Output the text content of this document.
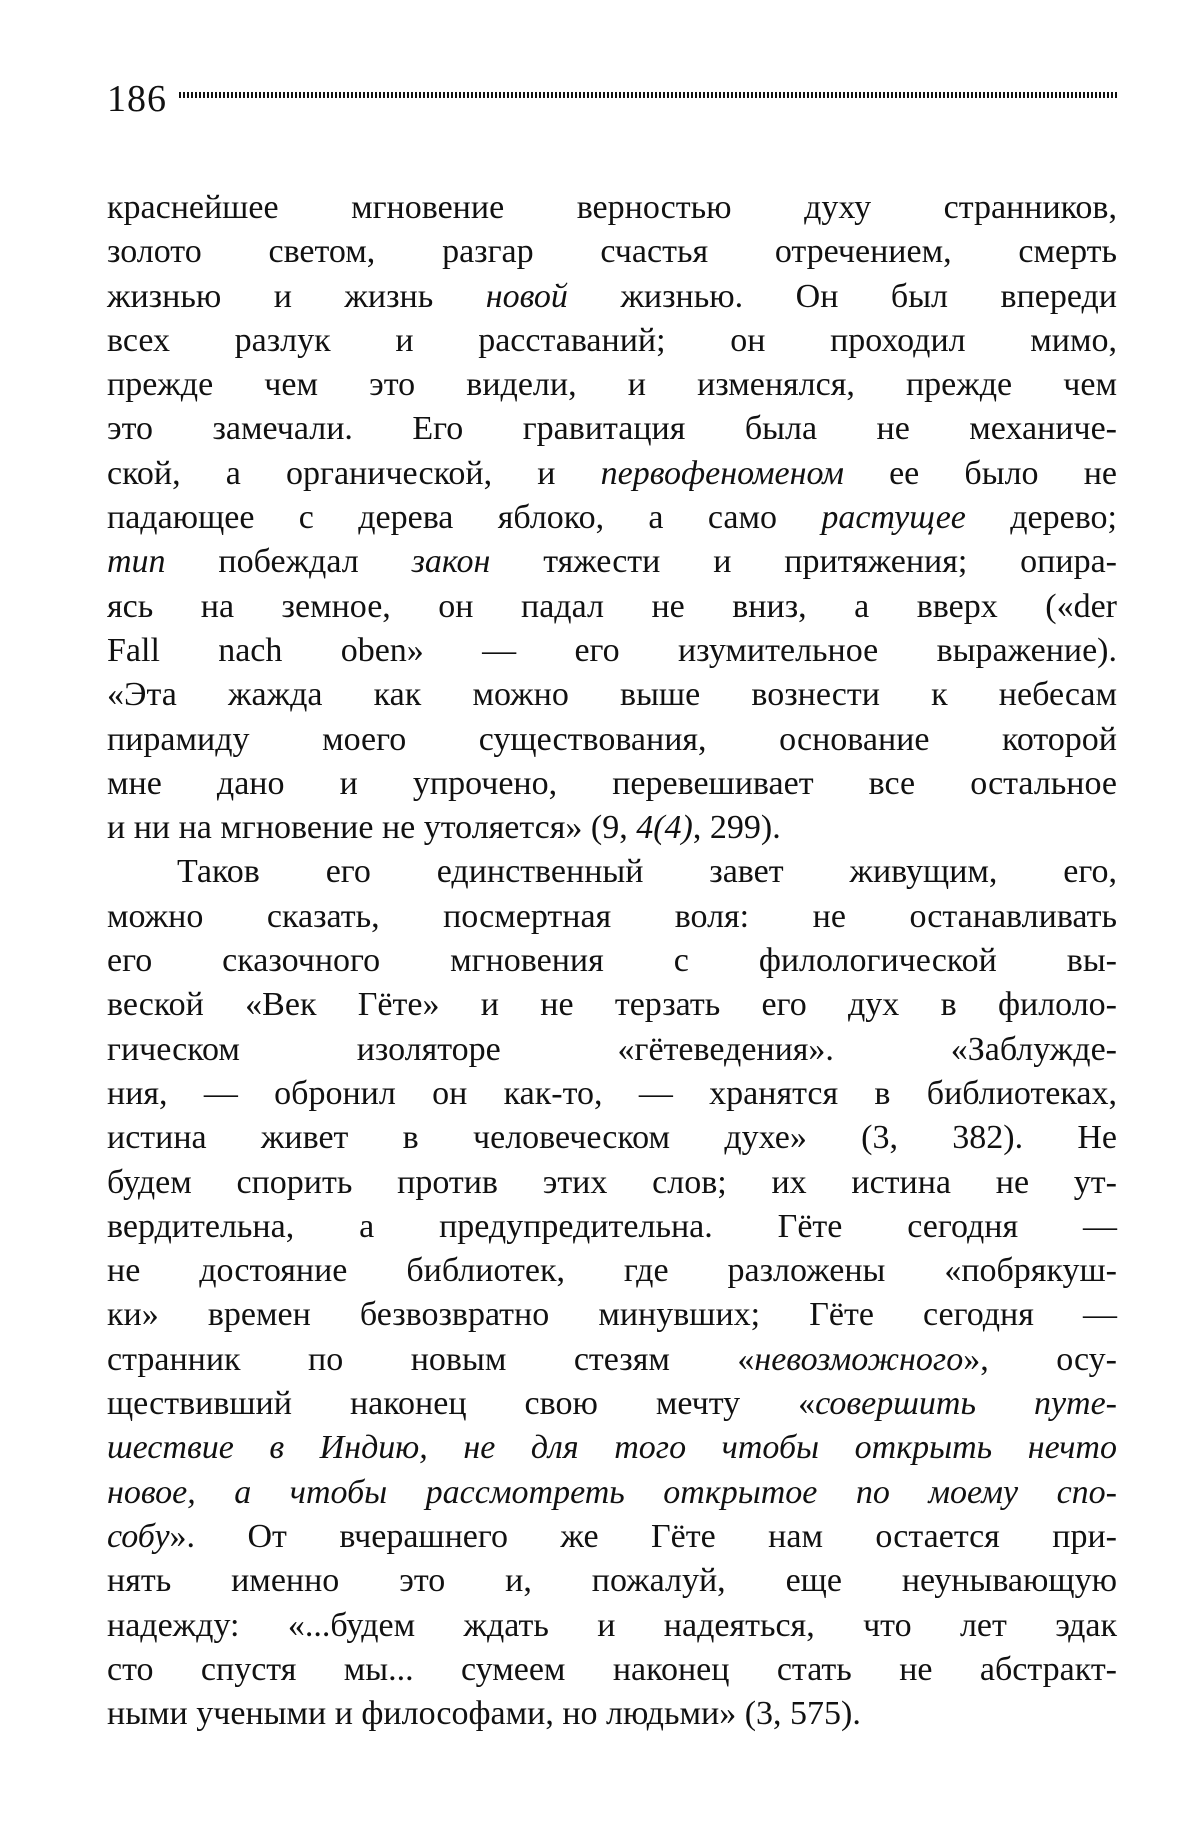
186
краснейшее мгновение верностью духу странников,
золото светом, разгар счастья отречением, смерть
жизнью и жизнь новой жизнью. Он был впереди
всех разлук и расставаний; он проходил мимо,
прежде чем это видели, и изменялся, прежде чем
это замечали. Его гравитация была не механиче-
ской, а органической, и первофеноменом ее было не
падающее с дерева яблоко, а само растущее дерево;
тип побеждал закон тяжести и притяжения; опира-
ясь на земное, он падал не вниз, а вверх («der
Fall nach oben» — его изумительное выражение).
«Эта жажда как можно выше вознести к небесам
пирамиду моего существования, основание которой
мне дано и упрочено, перевешивает все остальное
и ни на мгновение не утоляется» (9, 4(4), 299).
Таков его единственный завет живущим, его,
можно сказать, посмертная воля: не останавливать
его сказочного мгновения с филологической вы-
веской «Век Гёте» и не терзать его дух в филоло-
гическом изоляторе «гётеведения». «Заблужде-
ния, — обронил он как-то, — хранятся в библиотеках,
истина живет в человеческом духе» (3, 382). Не
будем спорить против этих слов; их истина не ут-
вердительна, а предупредительна. Гёте сегодня —
не достояние библиотек, где разложены «побрякуш-
ки» времен безвозвратно минувших; Гёте сегодня —
странник по новым стезям «невозможного», осу-
ществивший наконец свою мечту «совершить путе-
шествие в Индию, не для того чтобы открыть нечто
новое, а чтобы рассмотреть открытое по моему спо-
собу». От вчерашнего же Гёте нам остается при-
нять именно это и, пожалуй, еще неунывающую
надежду: «...будем ждать и надеяться, что лет эдак
сто спустя мы... сумеем наконец стать не абстракт-
ными учеными и философами, но людьми» (3, 575).
